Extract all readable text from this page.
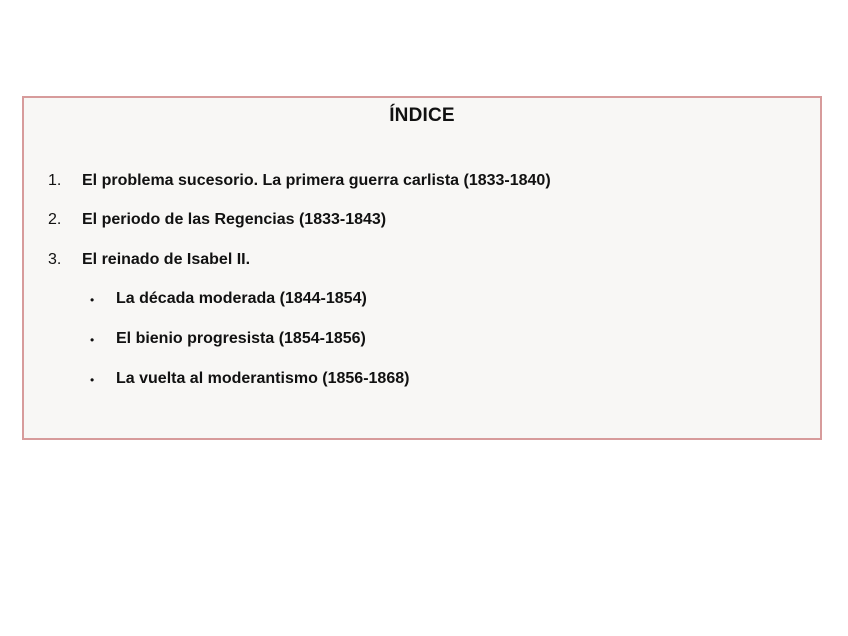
ÍNDICE
1. El problema sucesorio. La primera guerra carlista (1833-1840)
2. El periodo de las Regencias (1833-1843)
3. El reinado de Isabel II.
• La década moderada (1844-1854)
• El bienio progresista (1854-1856)
• La vuelta al moderantismo (1856-1868)
